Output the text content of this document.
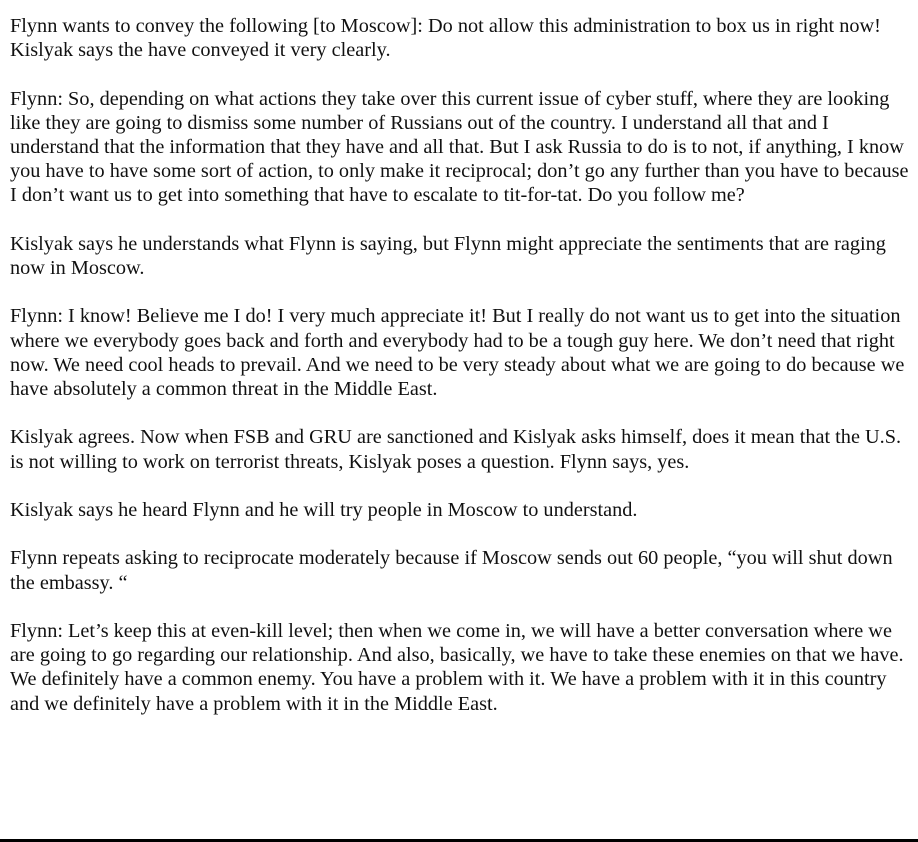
Flynn wants to convey the following [to Moscow]: Do not allow this administration to box us in right now! Kislyak says the have conveyed it very clearly.

Flynn: So, depending on what actions they take over this current issue of cyber stuff, where they are looking like they are going to dismiss some number of Russians out of the country. I understand all that and I understand that the information that they have and all that. But I ask Russia to do is to not, if anything, I know you have to have some sort of action, to only make it reciprocal; don’t go any further than you have to because I don’t want us to get into something that have to escalate to tit-for-tat. Do you follow me?

Kislyak says he understands what Flynn is saying, but Flynn might appreciate the sentiments that are raging now in Moscow.

Flynn: I know! Believe me I do! I very much appreciate it! But I really do not want us to get into the situation where we everybody goes back and forth and everybody had to be a tough guy here. We don’t need that right now. We need cool heads to prevail. And we need to be very steady about what we are going to do because we have absolutely a common threat in the Middle East.

Kislyak agrees. Now when FSB and GRU are sanctioned and Kislyak asks himself, does it mean that the U.S. is not willing to work on terrorist threats, Kislyak poses a question. Flynn says, yes.

Kislyak says he heard Flynn and he will try people in Moscow to understand.

Flynn repeats asking to reciprocate moderately because if Moscow sends out 60 people, “you will shut down the embassy. “

Flynn: Let’s keep this at even-kill level; then when we come in, we will have a better conversation where we are going to go regarding our relationship. And also, basically, we have to take these enemies on that we have. We definitely have a common enemy. You have a problem with it. We have a problem with it in this country and we definitely have a problem with it in the Middle East.
